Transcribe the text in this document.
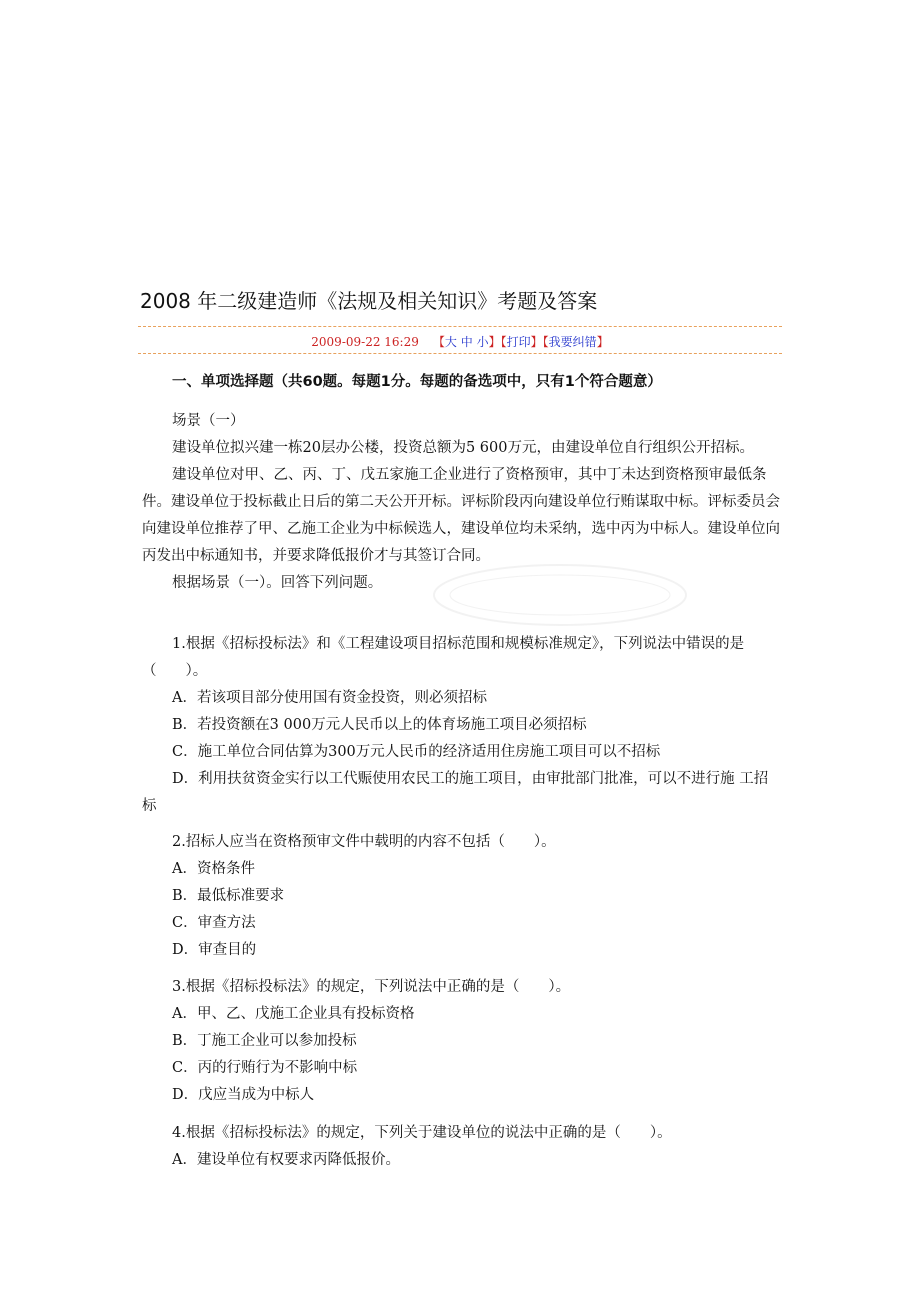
2008 年二级建造师《法规及相关知识》考题及答案
2009-09-22 16:29 【大 中 小】【打印】【我要纠错】
一、单项选择题（共60题。每题1分。每题的备选项中，只有1个符合题意）

场景（一）

建设单位拟兴建一栋20层办公楼，投资总额为5 600万元，由建设单位自行组织公开招标。

建设单位对甲、乙、丙、丁、戊五家施工企业进行了资格预审，其中丁未达到资格预审最低条件。建设单位于投标截止日后的第二天公开开标。评标阶段丙向建设单位行贿谋取中标。评标委员会向建设单位推荐了甲、乙施工企业为中标候选人，建设单位均未采纳，选中丙为中标人。建设单位向丙发出中标通知书，并要求降低报价才与其签订合同。

根据场景（一）。回答下列问题。

1.根据《招标投标法》和《工程建设项目招标范围和规模标准规定》，下列说法中错误的是（　　）。

A．若该项目部分使用国有资金投资，则必须招标

B．若投资额在3 000万元人民币以上的体育场施工项目必须招标

C．施工单位合同估算为300万元人民币的经济适用住房施工项目可以不招标

D．利用扶贫资金实行以工代赈使用农民工的施工项目，由审批部门批准，可以不进行施 工招标

2.招标人应当在资格预审文件中载明的内容不包括（　　）。

A．资格条件

B．最低标准要求

C．审查方法

D．审查目的

3.根据《招标投标法》的规定，下列说法中正确的是（　　）。

A．甲、乙、戊施工企业具有投标资格

B．丁施工企业可以参加投标

C．丙的行贿行为不影响中标

D．戊应当成为中标人

4.根据《招标投标法》的规定，下列关于建设单位的说法中正确的是（　　）。

A．建设单位有权要求丙降低报价。
